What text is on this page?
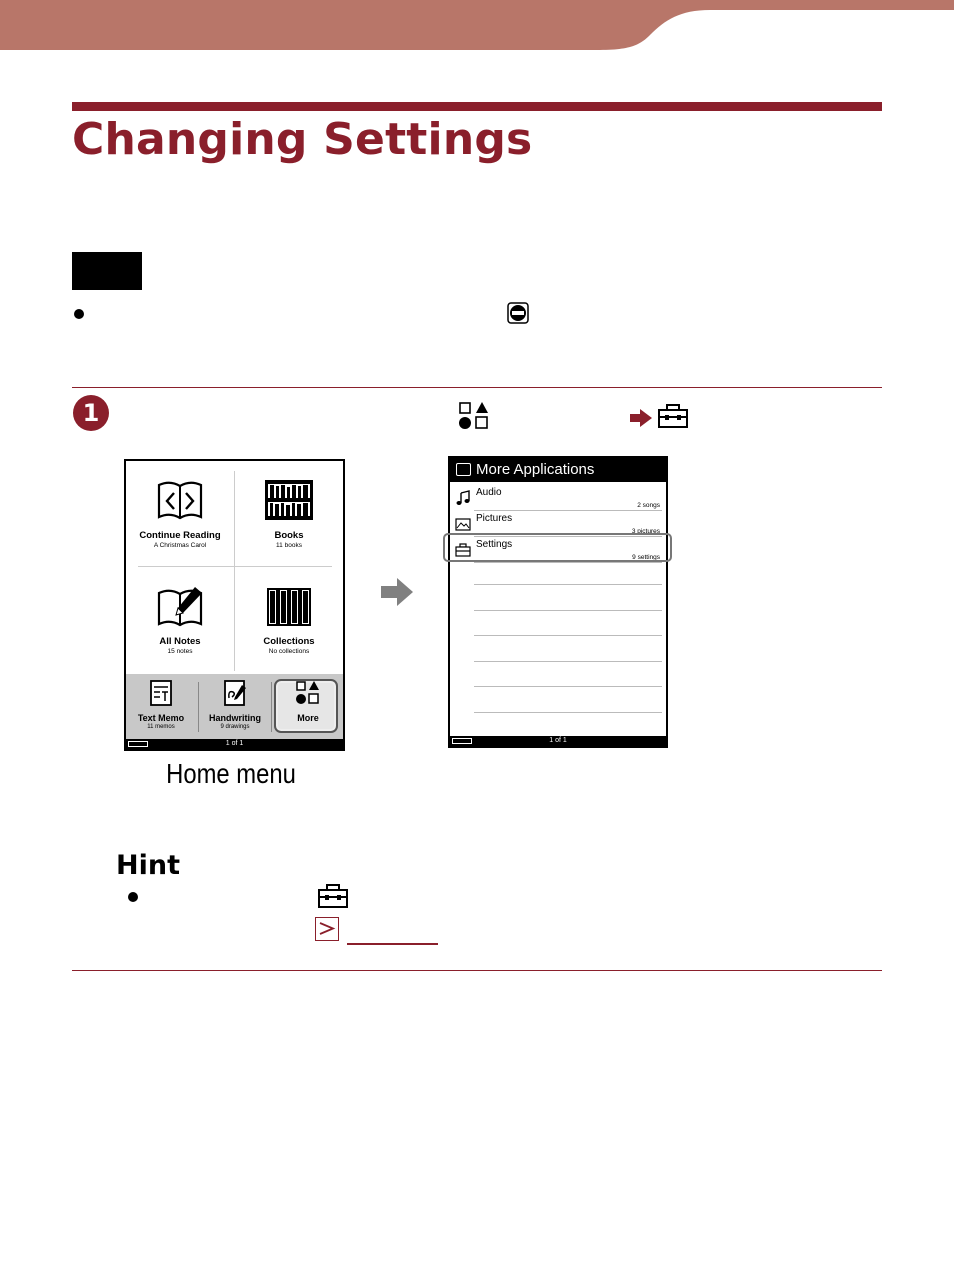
Changing Settings
1
Continue Reading
A Christmas Carol
Books
11 books
All Notes
15 notes
Collections
No collections
Text Memo
11 memos
Handwriting
9 drawings
More
1 of 1
Home menu
More Applications
Audio
2 songs
Pictures
3 pictures
Settings
9 settings
1 of 1
Hint
